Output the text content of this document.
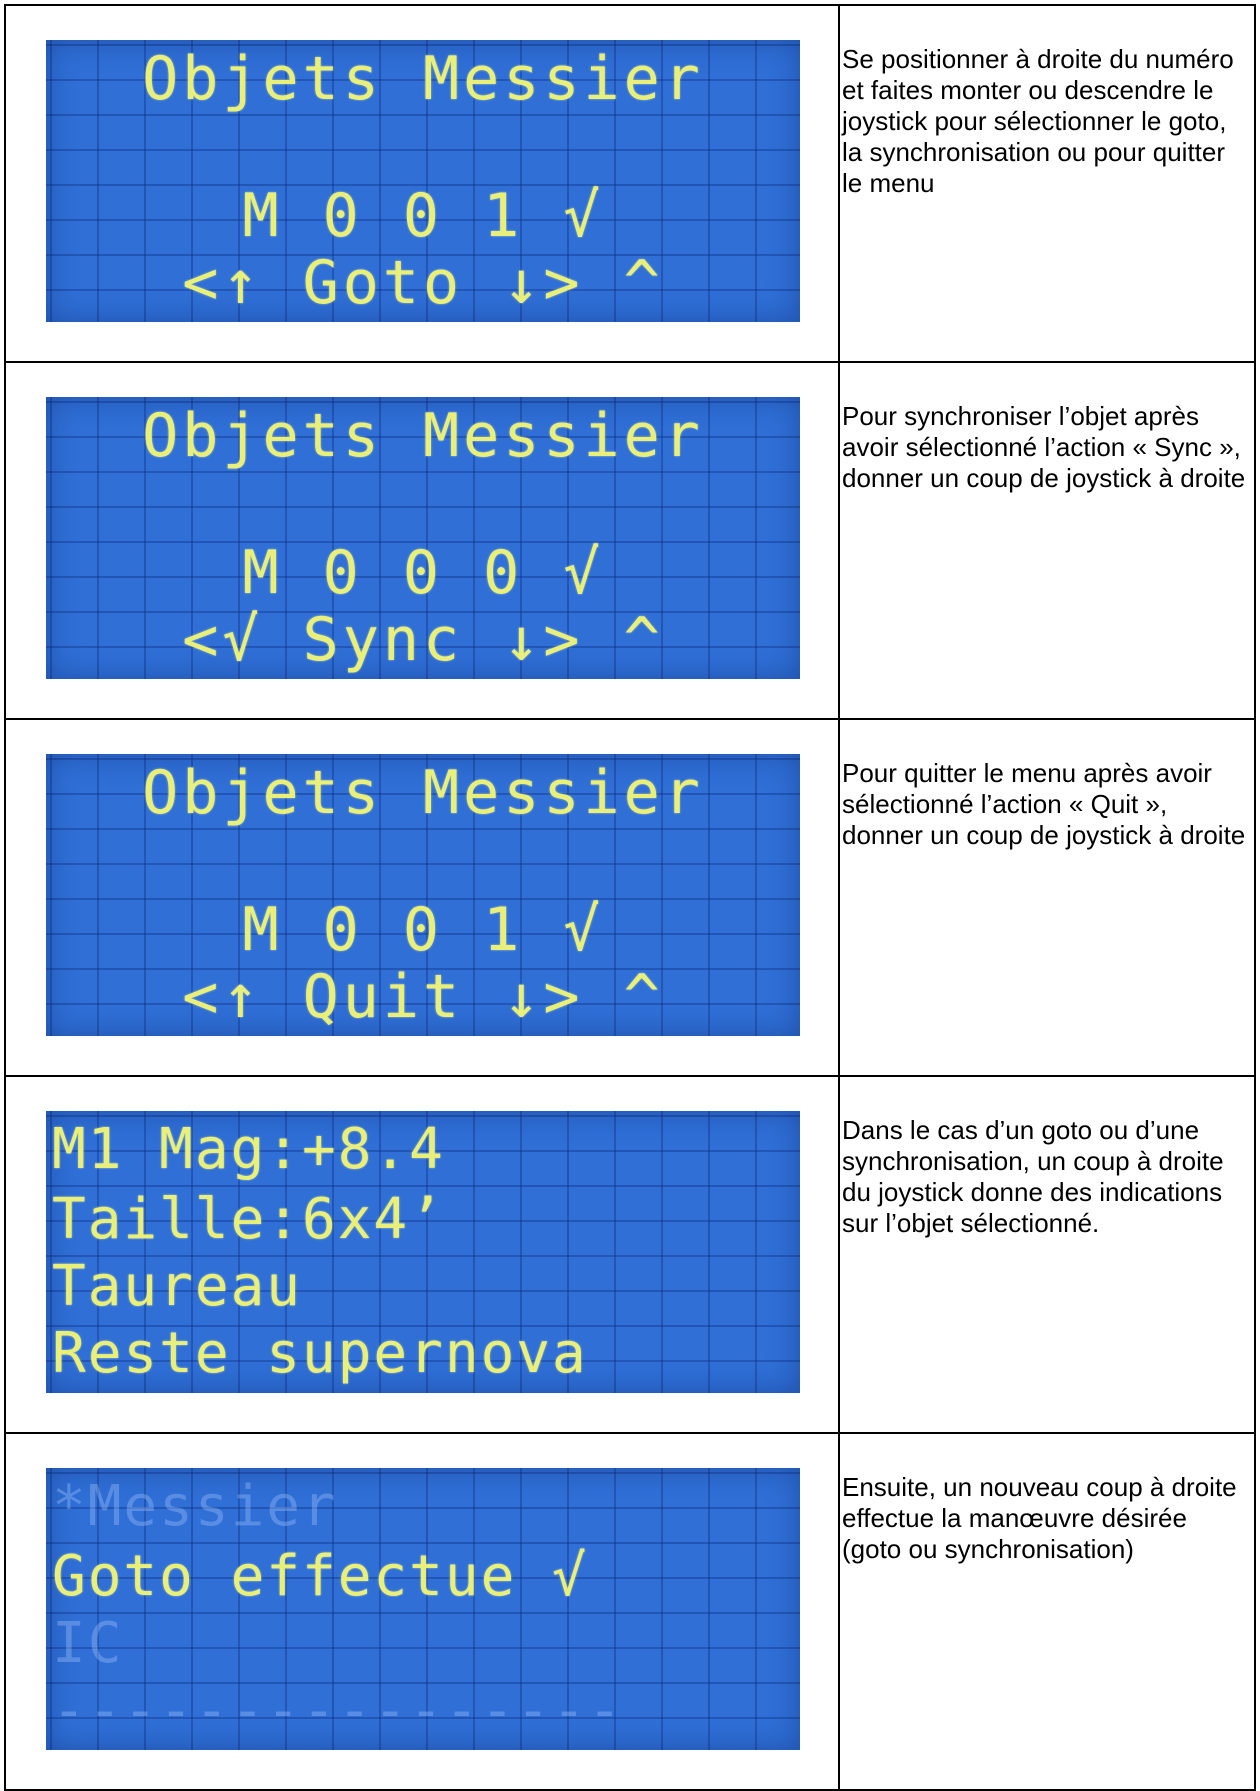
Objets Messier
M 0 0 1 √
<↑ Goto ↓> ^	Se positionner à droite du numéro et faites monter ou descendre le joystick pour sélectionner le goto, la synchronisation ou pour quitter le menu

Objets Messier
M 0 0 0 √
<√ Sync ↓> ^	Pour synchroniser l’objet après avoir sélectionné l’action « Sync », donner un coup de joystick à droite

Objets Messier
M 0 0 1 √
<↑ Quit ↓> ^	Pour quitter le menu après avoir sélectionné l’action « Quit », donner un coup de joystick à droite

M1 Mag:+8.4
Taille:6x4’
Taureau
Reste supernova	Dans le cas d’un goto ou d’une synchronisation, un coup à droite du joystick donne des indications sur l’objet sélectionné.

*Messier
Goto effectue √
IC
----------------	Ensuite, un nouveau coup à droite effectue la manœuvre désirée (goto ou synchronisation)
